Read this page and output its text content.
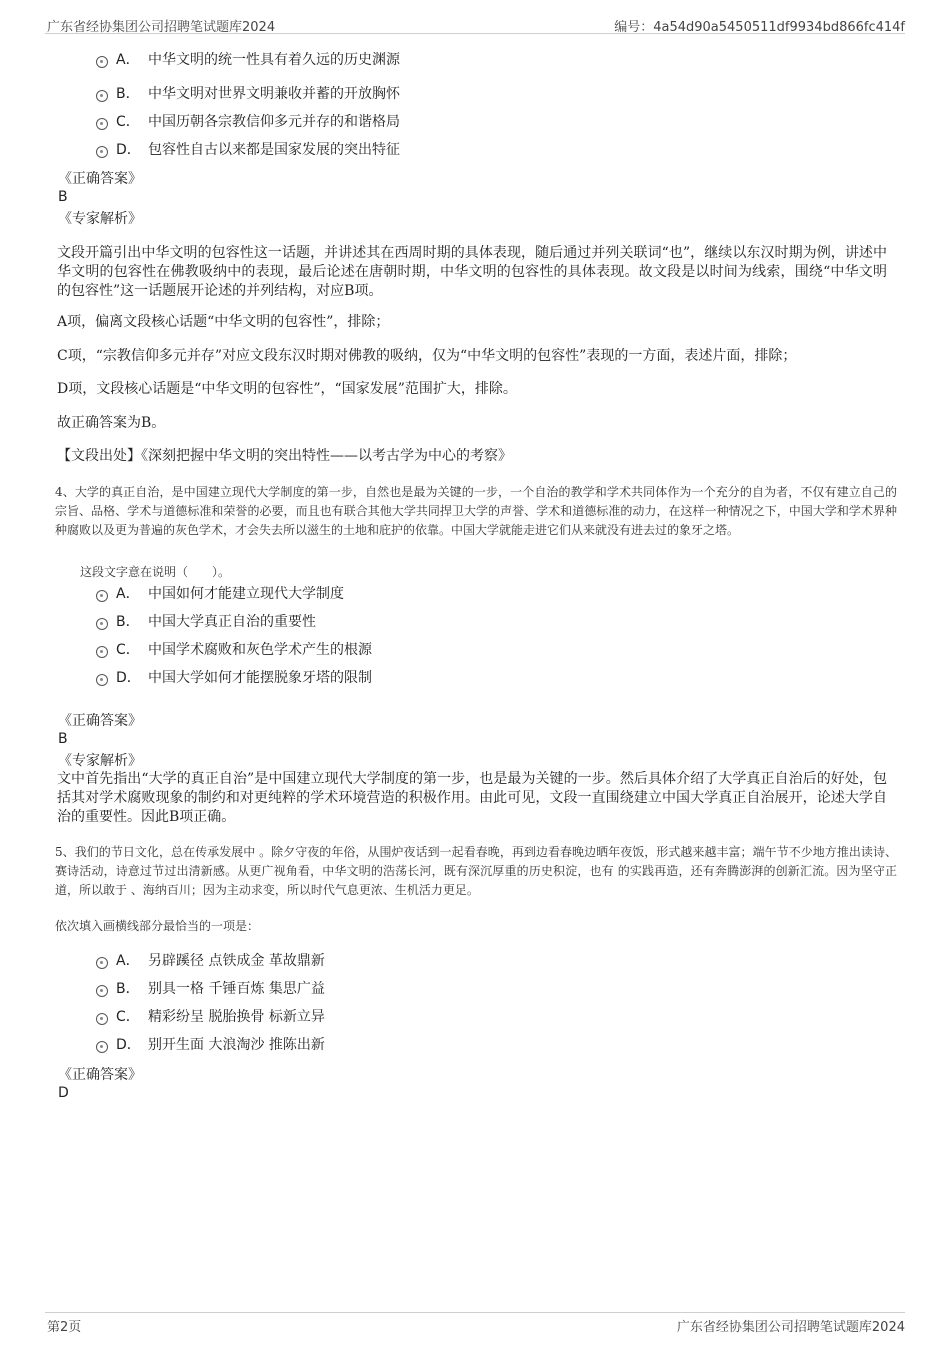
广东省经协集团公司招聘笔试题库2024	编号：4a54d90a5450511df9934bd866fc414f
A． 中华文明的统一性具有着久远的历史渊源
B． 中华文明对世界文明兼收并蓄的开放胸怀
C． 中国历朝各宗教信仰多元并存的和谐格局
D． 包容性自古以来都是国家发展的突出特征
《正确答案》
B
《专家解析》
文段开篇引出中华文明的包容性这一话题，并讲述其在西周时期的具体表现，随后通过并列关联词“也”，继续以东汉时期为例，讲述中华文明的包容性在佛教吸纳中的表现，最后论述在唐朝时期，中华文明的包容性的具体表现。故文段是以时间为线索，围绕“中华文明的包容性”这一话题展开论述的并列结构，对应B项。
A项，偏离文段核心话题“中华文明的包容性”，排除；
C项，“宗教信仰多元并存”对应文段东汉时期对佛教的吸纳，仅为“中华文明的包容性”表现的一方面，表述片面，排除；
D项，文段核心话题是“中华文明的包容性”，“国家发展”范围扩大，排除。
故正确答案为B。
【文段出处】《深刻把握中华文明的突出特性——以考古学为中心的考察》
4、大学的真正自治，是中国建立现代大学制度的第一步，自然也是最为关键的一步，一个自治的教学和学术共同体作为一个充分的自为者，不仅有建立自己的宗旨、品格、学术与道德标准和荣誉的必要，而且也有联合其他大学共同捍卫大学的声誉、学术和道德标准的动力，在这样一种情况之下，中国大学和学术界种种腐败以及更为普遍的灰色学术，才会失去所以滋生的土地和庇护的依靠。中国大学就能走进它们从来就没有进去过的象牙之塔。
这段文字意在说明（　　）。
A． 中国如何才能建立现代大学制度
B． 中国大学真正自治的重要性
C． 中国学术腐败和灰色学术产生的根源
D． 中国大学如何才能摆脱象牙塔的限制
《正确答案》
B
《专家解析》
文中首先指出“大学的真正自治”是中国建立现代大学制度的第一步，也是最为关键的一步。然后具体介绍了大学真正自治后的好处，包括其对学术腐败现象的制约和对更纯粹的学术环境营造的积极作用。由此可见，文段一直围绕建立中国大学真正自治展开，论述大学自治的重要性。因此B项正确。
5、我们的节日文化，总在传承发展中 。除夕守夜的年俗，从围炉夜话到一起看春晚，再到边看春晚边晒年夜饭，形式越来越丰富；端午节不少地方推出读诗、赛诗活动，诗意过节过出清新感。从更广视角看，中华文明的浩荡长河，既有深沉厚重的历史积淀，也有 的实践再造，还有奔腾澎湃的创新汇流。因为坚守正道，所以敢于 、海纳百川；因为主动求变，所以时代气息更浓、生机活力更足。
依次填入画横线部分最恰当的一项是：
A． 另辟蹊径 点铁成金 革故鼎新
B． 别具一格 千锤百炼 集思广益
C． 精彩纷呈 脱胎换骨 标新立异
D． 别开生面 大浪淘沙 推陈出新
《正确答案》
D
第2页	广东省经协集团公司招聘笔试题库2024
